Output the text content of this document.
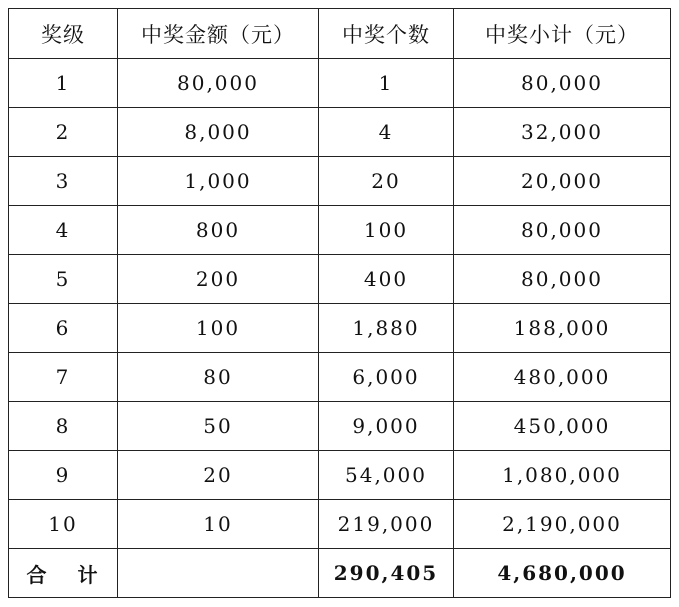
奖级	中奖金额（元）	中奖个数	中奖小计（元）
1	80,000	1	80,000
2	8,000	4	32,000
3	1,000	20	20,000
4	800	100	80,000
5	200	400	80,000
6	100	1,880	188,000
7	80	6,000	480,000
8	50	9,000	450,000
9	20	54,000	1,080,000
10	10	219,000	2,190,000
合 计		290,405	4,680,000
